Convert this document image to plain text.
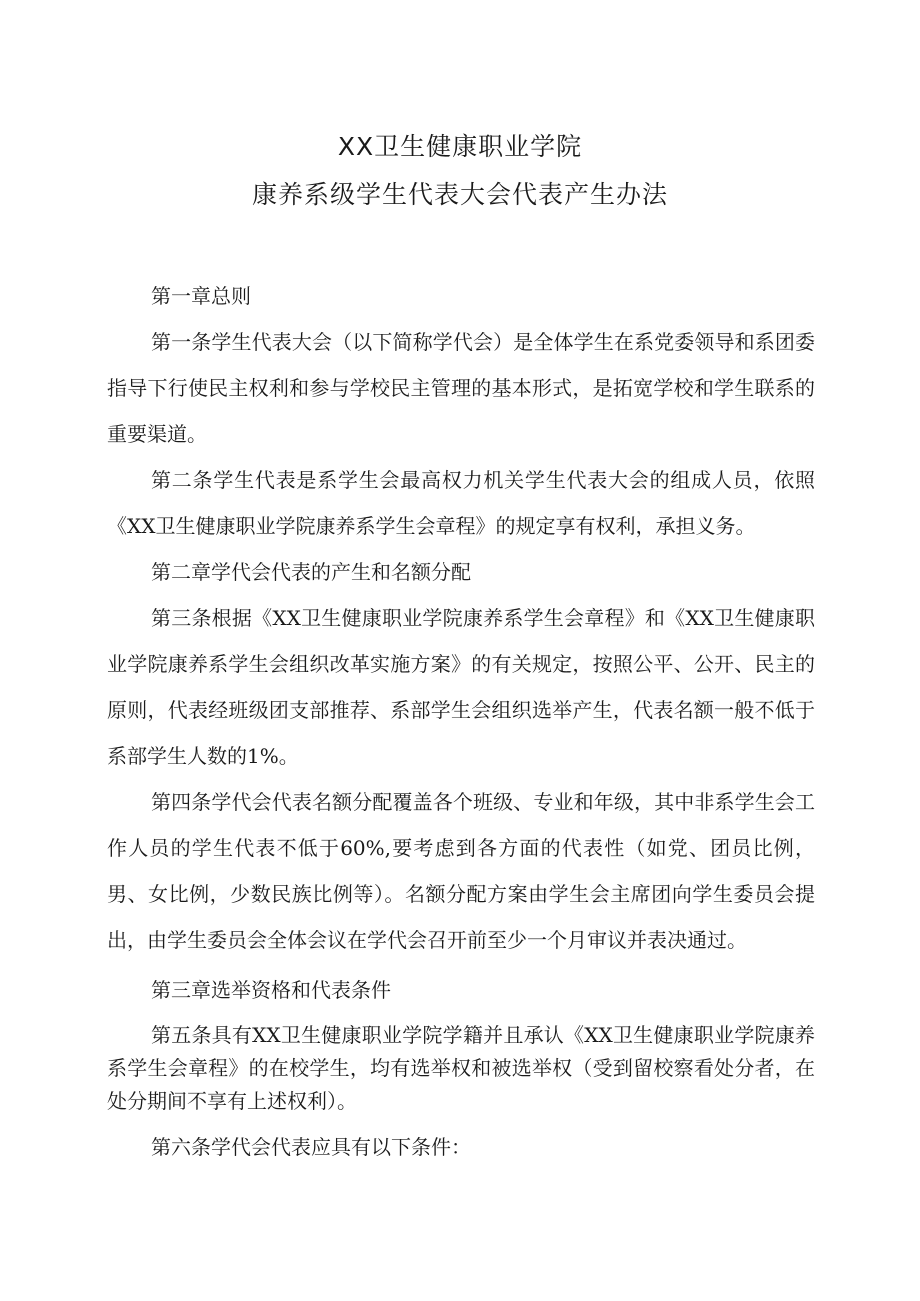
XX卫生健康职业学院
康养系级学生代表大会代表产生办法

第一章总则

第一条学生代表大会（以下简称学代会）是全体学生在系党委领导和系团委指导下行使民主权利和参与学校民主管理的基本形式，是拓宽学校和学生联系的重要渠道。

第二条学生代表是系学生会最高权力机关学生代表大会的组成人员，依照《XX卫生健康职业学院康养系学生会章程》的规定享有权利，承担义务。

第二章学代会代表的产生和名额分配

第三条根据《XX卫生健康职业学院康养系学生会章程》和《XX卫生健康职业学院康养系学生会组织改革实施方案》的有关规定，按照公平、公开、民主的原则，代表经班级团支部推荐、系部学生会组织选举产生，代表名额一般不低于系部学生人数的1%。

第四条学代会代表名额分配覆盖各个班级、专业和年级，其中非系学生会工作人员的学生代表不低于60%,要考虑到各方面的代表性（如党、团员比例，男、女比例，少数民族比例等）。名额分配方案由学生会主席团向学生委员会提出，由学生委员会全体会议在学代会召开前至少一个月审议并表决通过。

第三章选举资格和代表条件

第五条具有XX卫生健康职业学院学籍并且承认《XX卫生健康职业学院康养系学生会章程》的在校学生，均有选举权和被选举权（受到留校察看处分者，在处分期间不享有上述权利）。

第六条学代会代表应具有以下条件：
